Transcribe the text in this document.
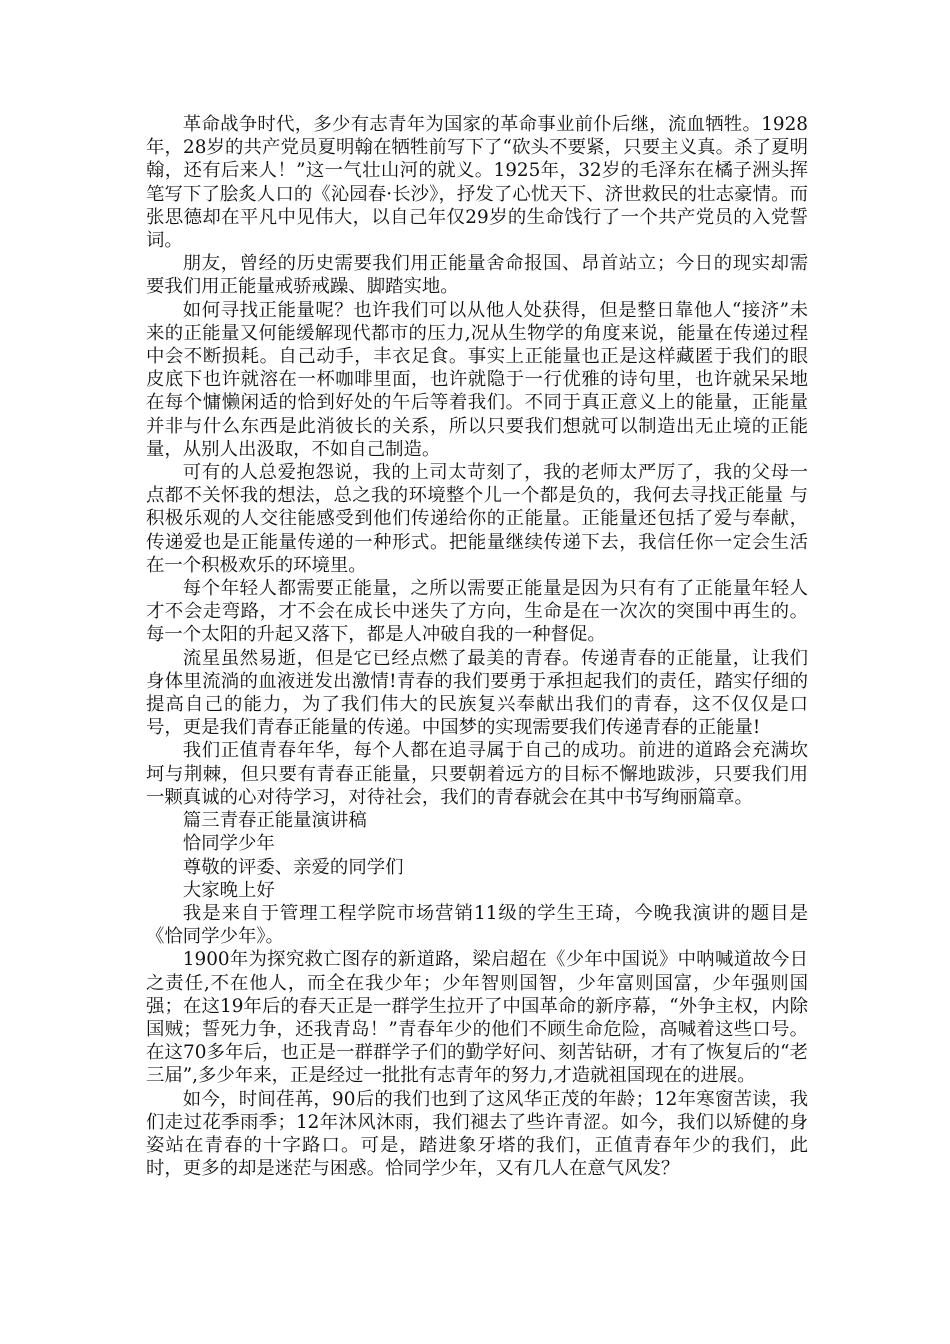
革命战争时代，多少有志青年为国家的革命事业前仆后继，流血牺牲。1928年，28岁的共产党员夏明翰在牺牲前写下了“砍头不要紧，只要主义真。杀了夏明翰，还有后来人！”这一气壮山河的就义。1925年，32岁的毛泽东在橘子洲头挥笔写下了脍炙人口的《沁园春·长沙》，抒发了心忧天下、济世救民的壮志豪情。而张思德却在平凡中见伟大，以自己年仅29岁的生命饯行了一个共产党员的入党誓词。

朋友，曾经的历史需要我们用正能量舍命报国、昂首站立；今日的现实却需要我们用正能量戒骄戒躁、脚踏实地。

如何寻找正能量呢？也许我们可以从他人处获得，但是整日靠他人“接济”未来的正能量又何能缓解现代都市的压力,况从生物学的角度来说，能量在传递过程中会不断损耗。自己动手，丰衣足食。事实上正能量也正是这样藏匿于我们的眼皮底下也许就溶在一杯咖啡里面，也许就隐于一行优雅的诗句里，也许就呆呆地在每个慵懒闲适的恰到好处的午后等着我们。不同于真正意义上的能量，正能量并非与什么东西是此消彼长的关系，所以只要我们想就可以制造出无止境的正能量，从别人出汲取，不如自己制造。

可有的人总爱抱怨说，我的上司太苛刻了，我的老师太严厉了，我的父母一点都不关怀我的想法，总之我的环境整个儿一个都是负的，我何去寻找正能量 与积极乐观的人交往能感受到他们传递给你的正能量。正能量还包括了爱与奉献，传递爱也是正能量传递的一种形式。把能量继续传递下去，我信任你一定会生活在一个积极欢乐的环境里。

每个年轻人都需要正能量，之所以需要正能量是因为只有有了正能量年轻人才不会走弯路，才不会在成长中迷失了方向，生命是在一次次的突围中再生的。每一个太阳的升起又落下，都是人冲破自我的一种督促。

流星虽然易逝，但是它已经点燃了最美的青春。传递青春的正能量，让我们身体里流淌的血液迸发出激情!青春的我们要勇于承担起我们的责任，踏实仔细的提高自己的能力，为了我们伟大的民族复兴奉献出我们的青春，这不仅仅是口号，更是我们青春正能量的传递。中国梦的实现需要我们传递青春的正能量!

我们正值青春年华，每个人都在追寻属于自己的成功。前进的道路会充满坎坷与荆棘，但只要有青春正能量，只要朝着远方的目标不懈地跋涉，只要我们用一颗真诚的心对待学习，对待社会，我们的青春就会在其中书写绚丽篇章。

篇三青春正能量演讲稿

恰同学少年

尊敬的评委、亲爱的同学们

大家晚上好

我是来自于管理工程学院市场营销11级的学生王琦，今晚我演讲的题目是《恰同学少年》。

1900年为探究救亡图存的新道路，梁启超在《少年中国说》中呐喊道故今日之责任,不在他人，而全在我少年；少年智则国智，少年富则国富，少年强则国强；在这19年后的春天正是一群学生拉开了中国革命的新序幕，“外争主权，内除国贼；誓死力争，还我青岛！”青春年少的他们不顾生命危险，高喊着这些口号。在这70多年后，也正是一群群学子们的勤学好问、刻苦钻研，才有了恢复后的“老三届”,多少年来，正是经过一批批有志青年的努力,才造就祖国现在的进展。

如今，时间荏苒，90后的我们也到了这风华正茂的年龄；12年寒窗苦读，我们走过花季雨季；12年沐风沐雨，我们褪去了些许青涩。如今，我们以矫健的身姿站在青春的十字路口。可是，踏进象牙塔的我们，正值青春年少的我们，此时，更多的却是迷茫与困惑。恰同学少年，又有几人在意气风发？
